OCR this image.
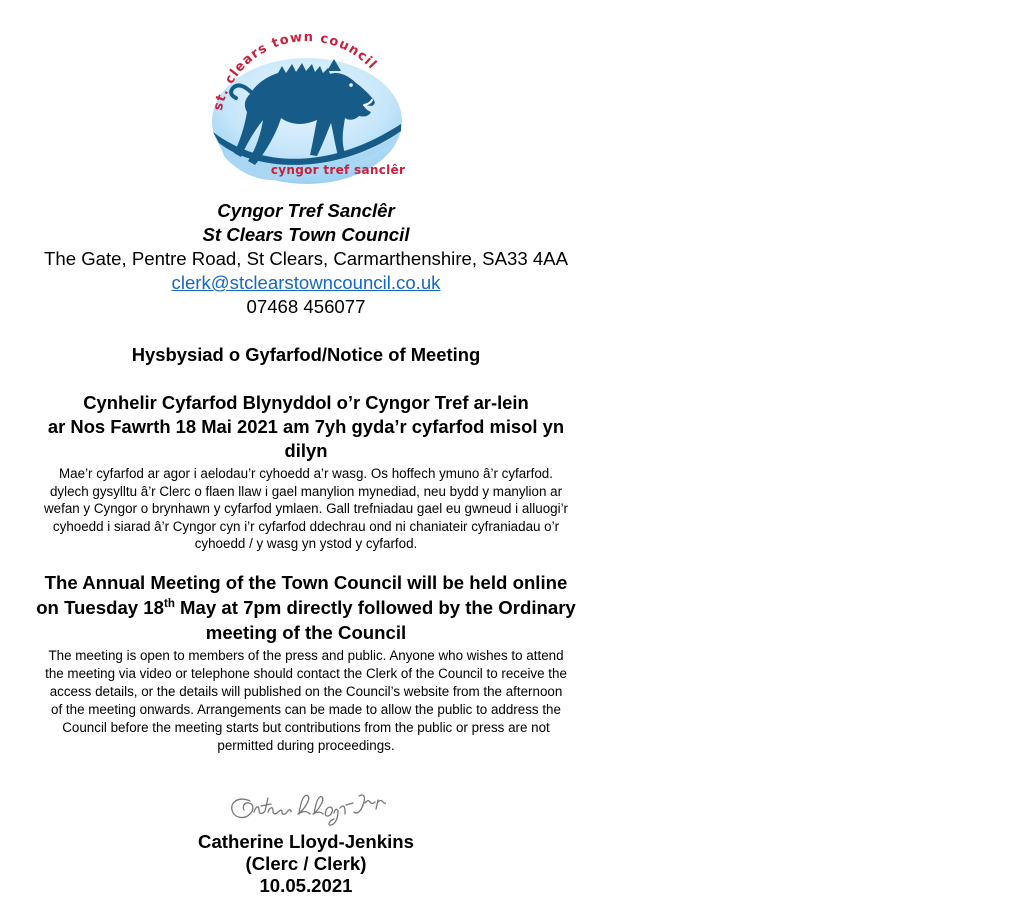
st. clears town council
cyngor tref sanclêr
Cyngor Tref Sanclêr
St Clears Town Council
The Gate, Pentre Road, St Clears, Carmarthenshire, SA33 4AA
clerk@stclearstowncouncil.co.uk
07468 456077
Hysbysiad o Gyfarfod/Notice of Meeting
Cynhelir Cyfarfod Blynyddol o’r Cyngor Tref ar-lein
ar Nos Fawrth 18 Mai 2021 am 7yh gyda’r cyfarfod misol yn
dilyn
Mae’r cyfarfod ar agor i aelodau’r cyhoedd a’r wasg. Os hoffech ymuno â’r cyfarfod.
dylech gysylltu â’r Clerc o flaen llaw i gael manylion mynediad, neu bydd y manylion ar
wefan y Cyngor o brynhawn y cyfarfod ymlaen. Gall trefniadau gael eu gwneud i alluogi’r
cyhoedd i siarad â’r Cyngor cyn i’r cyfarfod ddechrau ond ni chaniateir cyfraniadau o’r
cyhoedd / y wasg yn ystod y cyfarfod.
The Annual Meeting of the Town Council will be held online
on Tuesday 18th May at 7pm directly followed by the Ordinary
meeting of the Council
The meeting is open to members of the press and public. Anyone who wishes to attend
the meeting via video or telephone should contact the Clerk of the Council to receive the
access details, or the details will published on the Council’s website from the afternoon
of the meeting onwards. Arrangements can be made to allow the public to address the
Council before the meeting starts but contributions from the public or press are not
permitted during proceedings.
Catherine Lloyd-Jenkins
(Clerc / Clerk)
10.05.2021
